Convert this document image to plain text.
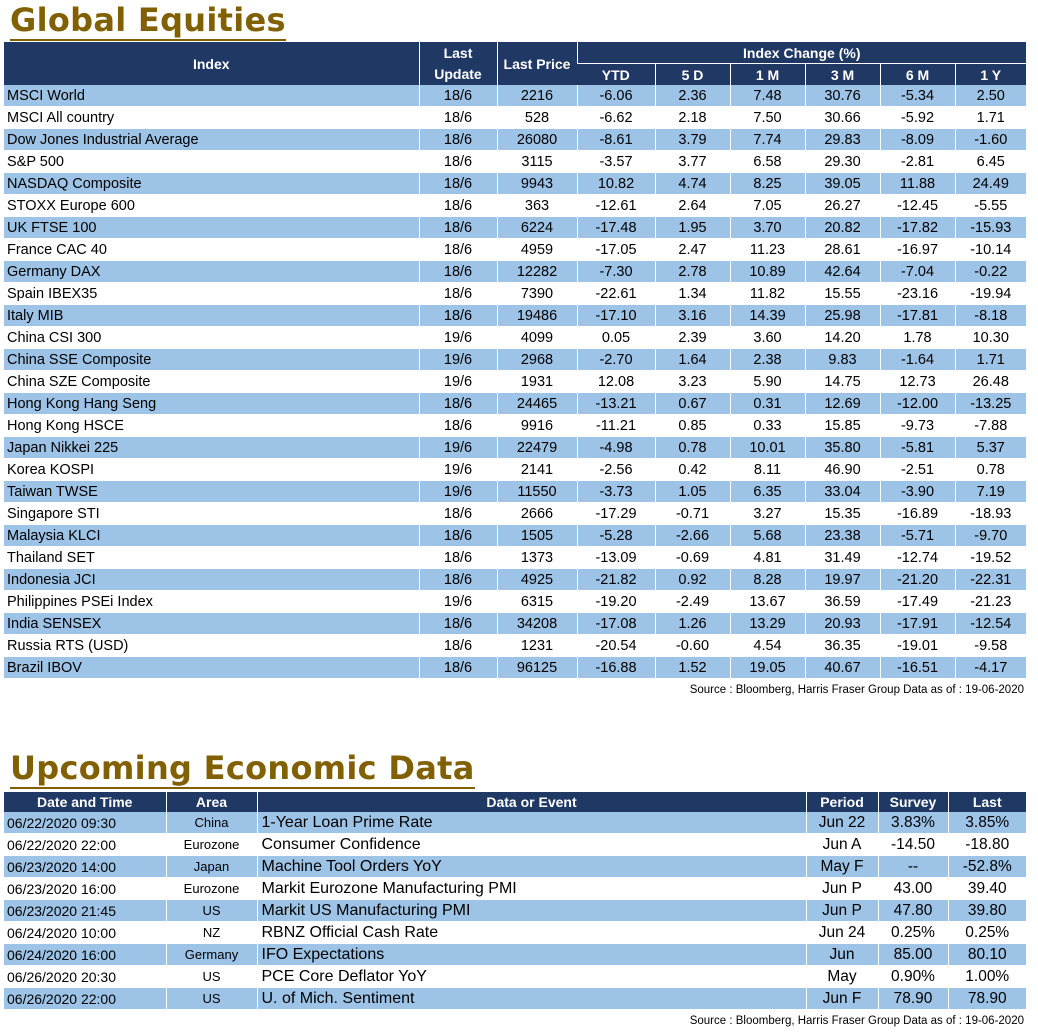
Global Equities
Index	Last Update	Last Price	Index Change (%)					
			YTD	5 D	1 M	3 M	6 M	1 Y
MSCI World	18/6	2216	-6.06	2.36	7.48	30.76	-5.34	2.50
MSCI All country	18/6	528	-6.62	2.18	7.50	30.66	-5.92	1.71
Dow Jones Industrial Average	18/6	26080	-8.61	3.79	7.74	29.83	-8.09	-1.60
S&P 500	18/6	3115	-3.57	3.77	6.58	29.30	-2.81	6.45
NASDAQ Composite	18/6	9943	10.82	4.74	8.25	39.05	11.88	24.49
STOXX Europe 600	18/6	363	-12.61	2.64	7.05	26.27	-12.45	-5.55
UK FTSE 100	18/6	6224	-17.48	1.95	3.70	20.82	-17.82	-15.93
France CAC 40	18/6	4959	-17.05	2.47	11.23	28.61	-16.97	-10.14
Germany DAX	18/6	12282	-7.30	2.78	10.89	42.64	-7.04	-0.22
Spain IBEX35	18/6	7390	-22.61	1.34	11.82	15.55	-23.16	-19.94
Italy MIB	18/6	19486	-17.10	3.16	14.39	25.98	-17.81	-8.18
China CSI 300	19/6	4099	0.05	2.39	3.60	14.20	1.78	10.30
China SSE Composite	19/6	2968	-2.70	1.64	2.38	9.83	-1.64	1.71
China SZE Composite	19/6	1931	12.08	3.23	5.90	14.75	12.73	26.48
Hong Kong Hang Seng	18/6	24465	-13.21	0.67	0.31	12.69	-12.00	-13.25
Hong Kong HSCE	18/6	9916	-11.21	0.85	0.33	15.85	-9.73	-7.88
Japan Nikkei 225	19/6	22479	-4.98	0.78	10.01	35.80	-5.81	5.37
Korea KOSPI	19/6	2141	-2.56	0.42	8.11	46.90	-2.51	0.78
Taiwan TWSE	19/6	11550	-3.73	1.05	6.35	33.04	-3.90	7.19
Singapore STI	18/6	2666	-17.29	-0.71	3.27	15.35	-16.89	-18.93
Malaysia KLCI	18/6	1505	-5.28	-2.66	5.68	23.38	-5.71	-9.70
Thailand SET	18/6	1373	-13.09	-0.69	4.81	31.49	-12.74	-19.52
Indonesia JCI	18/6	4925	-21.82	0.92	8.28	19.97	-21.20	-22.31
Philippines PSEi Index	19/6	6315	-19.20	-2.49	13.67	36.59	-17.49	-21.23
India SENSEX	18/6	34208	-17.08	1.26	13.29	20.93	-17.91	-12.54
Russia RTS (USD)	18/6	1231	-20.54	-0.60	4.54	36.35	-19.01	-9.58
Brazil IBOV	18/6	96125	-16.88	1.52	19.05	40.67	-16.51	-4.17
Source : Bloomberg, Harris Fraser Group Data as of : 19-06-2020
Upcoming Economic Data
Date and Time	Area	Data or Event	Period	Survey	Last
06/22/2020 09:30	China	1-Year Loan Prime Rate	Jun 22	3.83%	3.85%
06/22/2020 22:00	Eurozone	Consumer Confidence	Jun A	-14.50	-18.80
06/23/2020 14:00	Japan	Machine Tool Orders YoY	May F	--	-52.8%
06/23/2020 16:00	Eurozone	Markit Eurozone Manufacturing PMI	Jun P	43.00	39.40
06/23/2020 21:45	US	Markit US Manufacturing PMI	Jun P	47.80	39.80
06/24/2020 10:00	NZ	RBNZ Official Cash Rate	Jun 24	0.25%	0.25%
06/24/2020 16:00	Germany	IFO Expectations	Jun	85.00	80.10
06/26/2020 20:30	US	PCE Core Deflator YoY	May	0.90%	1.00%
06/26/2020 22:00	US	U. of Mich. Sentiment	Jun F	78.90	78.90
Source : Bloomberg, Harris Fraser Group Data as of : 19-06-2020
